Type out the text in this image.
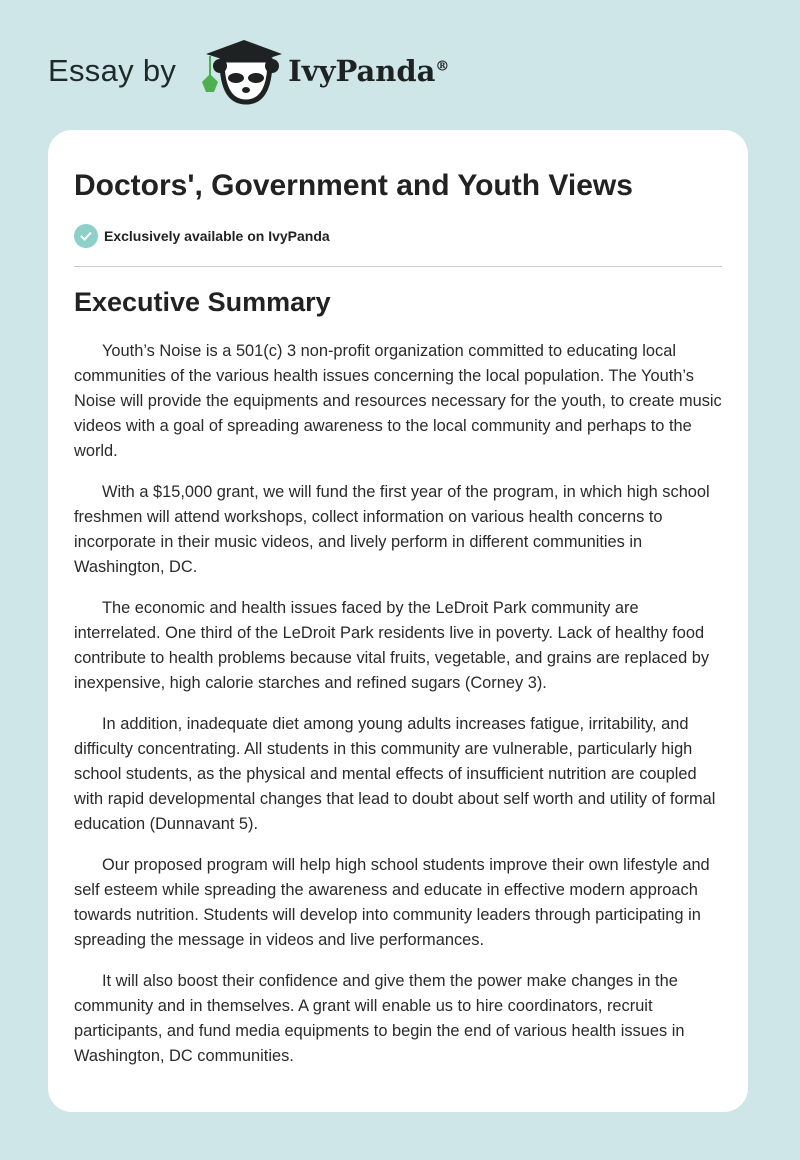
Essay by	IvyPanda®
Doctors', Government and Youth Views
Exclusively available on IvyPanda
Executive Summary

Youth’s Noise is a 501(c) 3 non-profit organization committed to educating local communities of the various health issues concerning the local population. The Youth’s Noise will provide the equipments and resources necessary for the youth, to create music videos with a goal of spreading awareness to the local community and perhaps to the world.

With a $15,000 grant, we will fund the first year of the program, in which high school freshmen will attend workshops, collect information on various health concerns to incorporate in their music videos, and lively perform in different communities in Washington, DC.

The economic and health issues faced by the LeDroit Park community are interrelated. One third of the LeDroit Park residents live in poverty. Lack of healthy food contribute to health problems because vital fruits, vegetable, and grains are replaced by inexpensive, high calorie starches and refined sugars (Corney 3).

In addition, inadequate diet among young adults increases fatigue, irritability, and difficulty concentrating. All students in this community are vulnerable, particularly high school students, as the physical and mental effects of insufficient nutrition are coupled with rapid developmental changes that lead to doubt about self worth and utility of formal education (Dunnavant 5).

Our proposed program will help high school students improve their own lifestyle and self esteem while spreading the awareness and educate in effective modern approach towards nutrition. Students will develop into community leaders through participating in spreading the message in videos and live performances.

It will also boost their confidence and give them the power make changes in the community and in themselves. A grant will enable us to hire coordinators, recruit participants, and fund media equipments to begin the end of various health issues in Washington, DC communities.
